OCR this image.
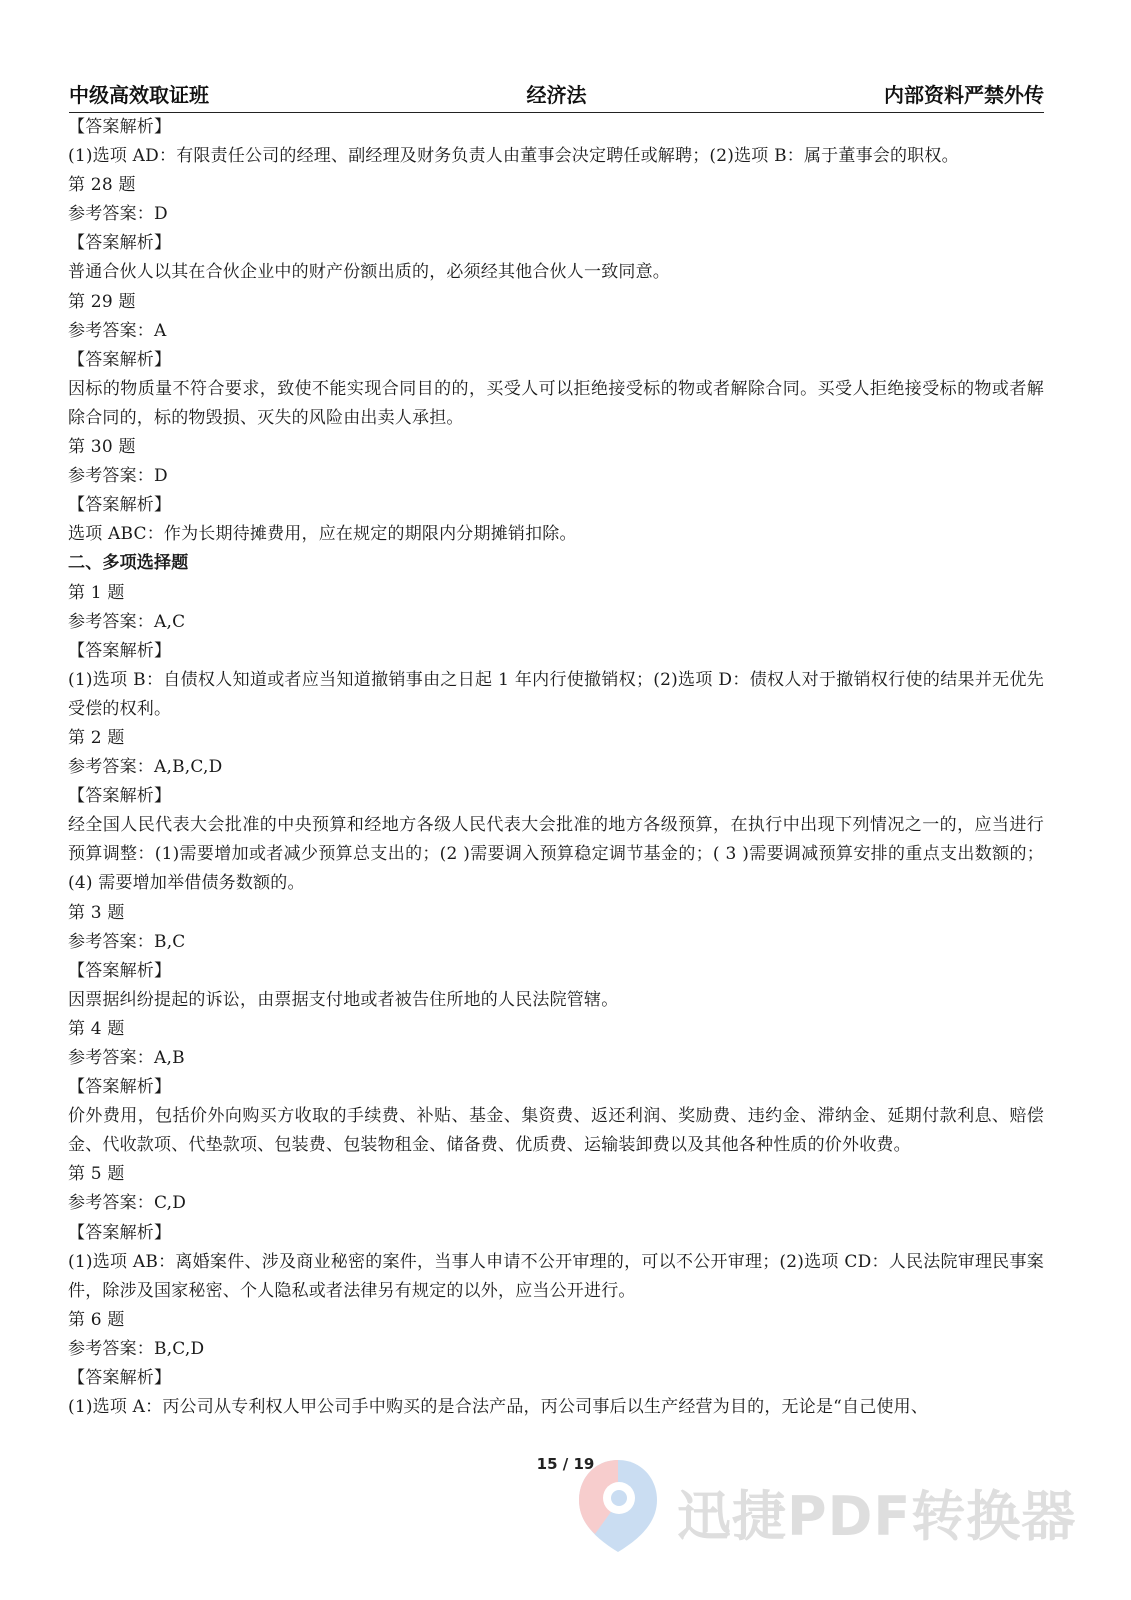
经济法
中级高效取证班	内部资料严禁外传

【答案解析】

(1)选项 AD：有限责任公司的经理、副经理及财务负责人由董事会决定聘任或解聘；(2)选项 B：属于董事会的职权。

第 28 题

参考答案：D

【答案解析】

普通合伙人以其在合伙企业中的财产份额出质的，必须经其他合伙人一致同意。

第 29 题

参考答案：A

【答案解析】

因标的物质量不符合要求，致使不能实现合同目的的，买受人可以拒绝接受标的物或者解除合同。买受人拒绝接受标的物或者解除合同的，标的物毁损、灭失的风险由出卖人承担。

第 30 题

参考答案：D

【答案解析】

选项 ABC：作为长期待摊费用，应在规定的期限内分期摊销扣除。

二、多项选择题

第 1 题

参考答案：A,C

【答案解析】

(1)选项 B：自债权人知道或者应当知道撤销事由之日起 1 年内行使撤销权；(2)选项 D：债权人对于撤销权行使的结果并无优先受偿的权利。

第 2 题

参考答案：A,B,C,D

【答案解析】

经全国人民代表大会批准的中央预算和经地方各级人民代表大会批准的地方各级预算，在执行中出现下列情况之一的，应当进行预算调整：(1)需要增加或者减少预算总支出的；(2 )需要调入预算稳定调节基金的；( 3 )需要调减预算安排的重点支出数额的；(4) 需要增加举借债务数额的。

第 3 题

参考答案：B,C

【答案解析】

因票据纠纷提起的诉讼，由票据支付地或者被告住所地的人民法院管辖。

第 4 题

参考答案：A,B

【答案解析】

价外费用，包括价外向购买方收取的手续费、补贴、基金、集资费、返还利润、奖励费、违约金、滞纳金、延期付款利息、赔偿金、代收款项、代垫款项、包装费、包装物租金、储备费、优质费、运输装卸费以及其他各种性质的价外收费。

第 5 题

参考答案：C,D

【答案解析】

(1)选项 AB：离婚案件、涉及商业秘密的案件，当事人申请不公开审理的，可以不公开审理；(2)选项 CD：人民法院审理民事案件，除涉及国家秘密、个人隐私或者法律另有规定的以外，应当公开进行。

第 6 题

参考答案：B,C,D

【答案解析】

(1)选项 A：丙公司从专利权人甲公司手中购买的是合法产品，丙公司事后以生产经营为目的，无论是“自己使用、

15 / 19
迅捷PDF转换器
